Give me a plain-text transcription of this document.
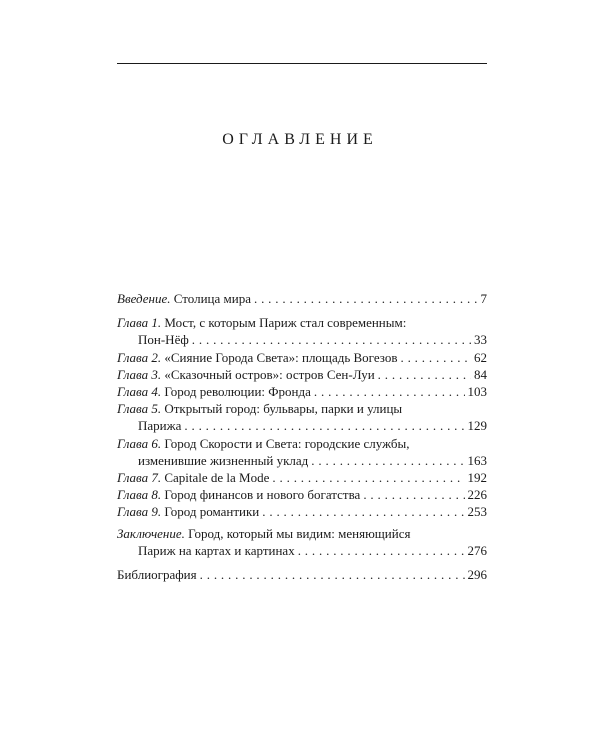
ОГЛАВЛЕНИЕ
Введение. Столица мира . . .	7
Глава 1. Мост, с которым Париж стал современным:
Пон-Нёф . . .	33
Глава 2. «Сияние Города Света»: площадь Вогезов . . .	62
Глава 3. «Сказочный остров»: остров Сен-Луи . . .	84
Глава 4. Город революции: Фронда . . .	103
Глава 5. Открытый город: бульвары, парки и улицы
Парижа . . .	129
Глава 6. Город Скорости и Света: городские службы,
изменившие жизненный уклад . . .	163
Глава 7. Capitale de la Mode . . .	192
Глава 8. Город финансов и нового богатства . . .	226
Глава 9. Город романтики . . .	253
Заключение. Город, который мы видим: меняющийся
Париж на картах и картинах . . .	276
Библиография . . .	296
